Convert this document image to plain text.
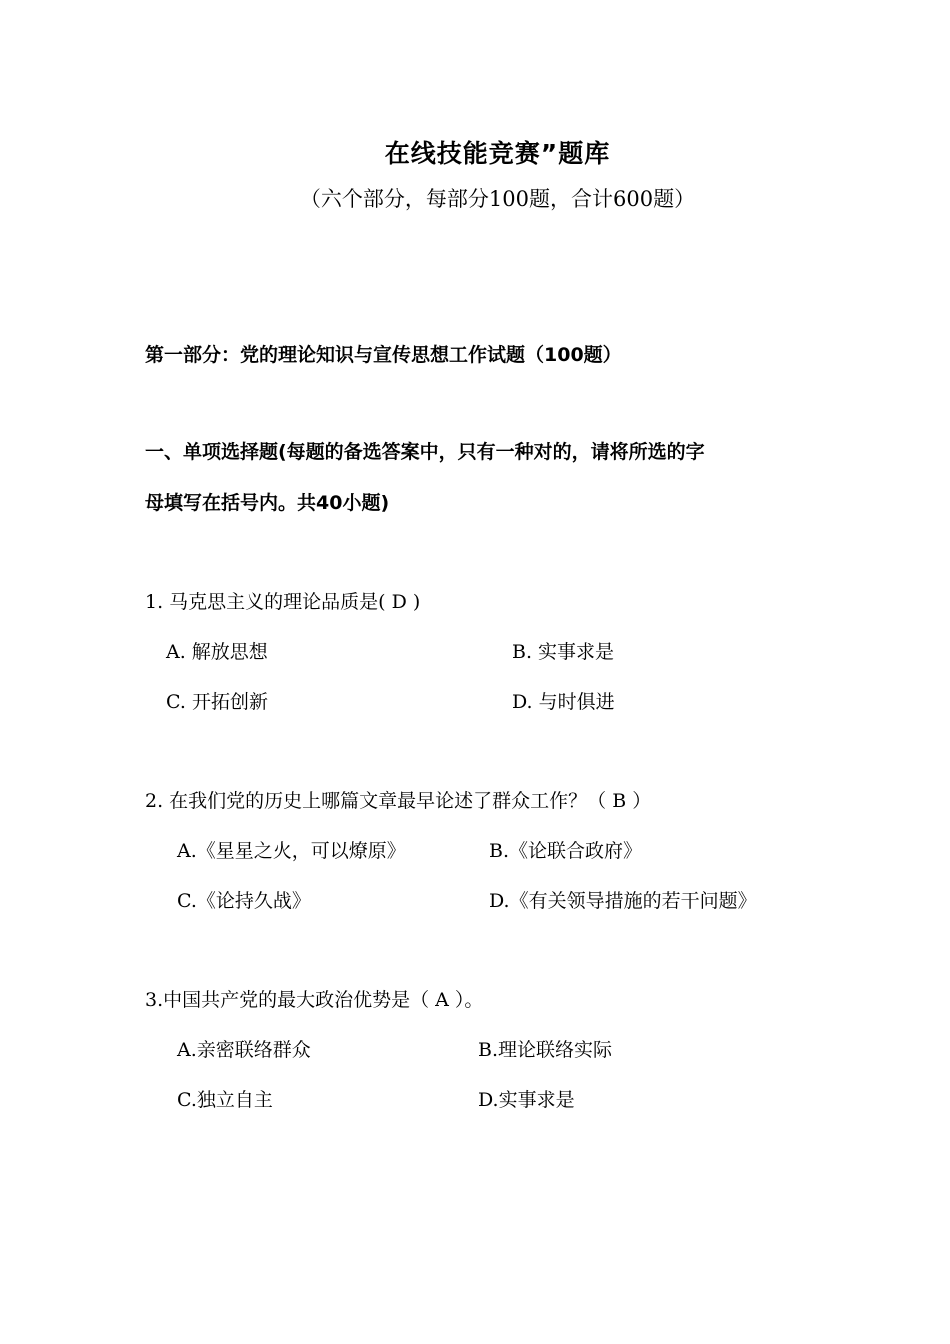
在线技能竞赛”题库
（六个部分，每部分100题，合计600题）
第一部分：党的理论知识与宣传思想工作试题（100题）
一、单项选择题(每题的备选答案中，只有一种对的，请将所选的字
母填写在括号内。共40小题)
1. 马克思主义的理论品质是( D )
A. 解放思想	B. 实事求是
C. 开拓创新	D. 与时俱进
2. 在我们党的历史上哪篇文章最早论述了群众工作？（ B ）
A.《星星之火，可以燎原》	B.《论联合政府》
C.《论持久战》	D.《有关领导措施的若干问题》
3.中国共产党的最大政治优势是（ A ）。
A.亲密联络群众	B.理论联络实际
C.独立自主	D.实事求是
